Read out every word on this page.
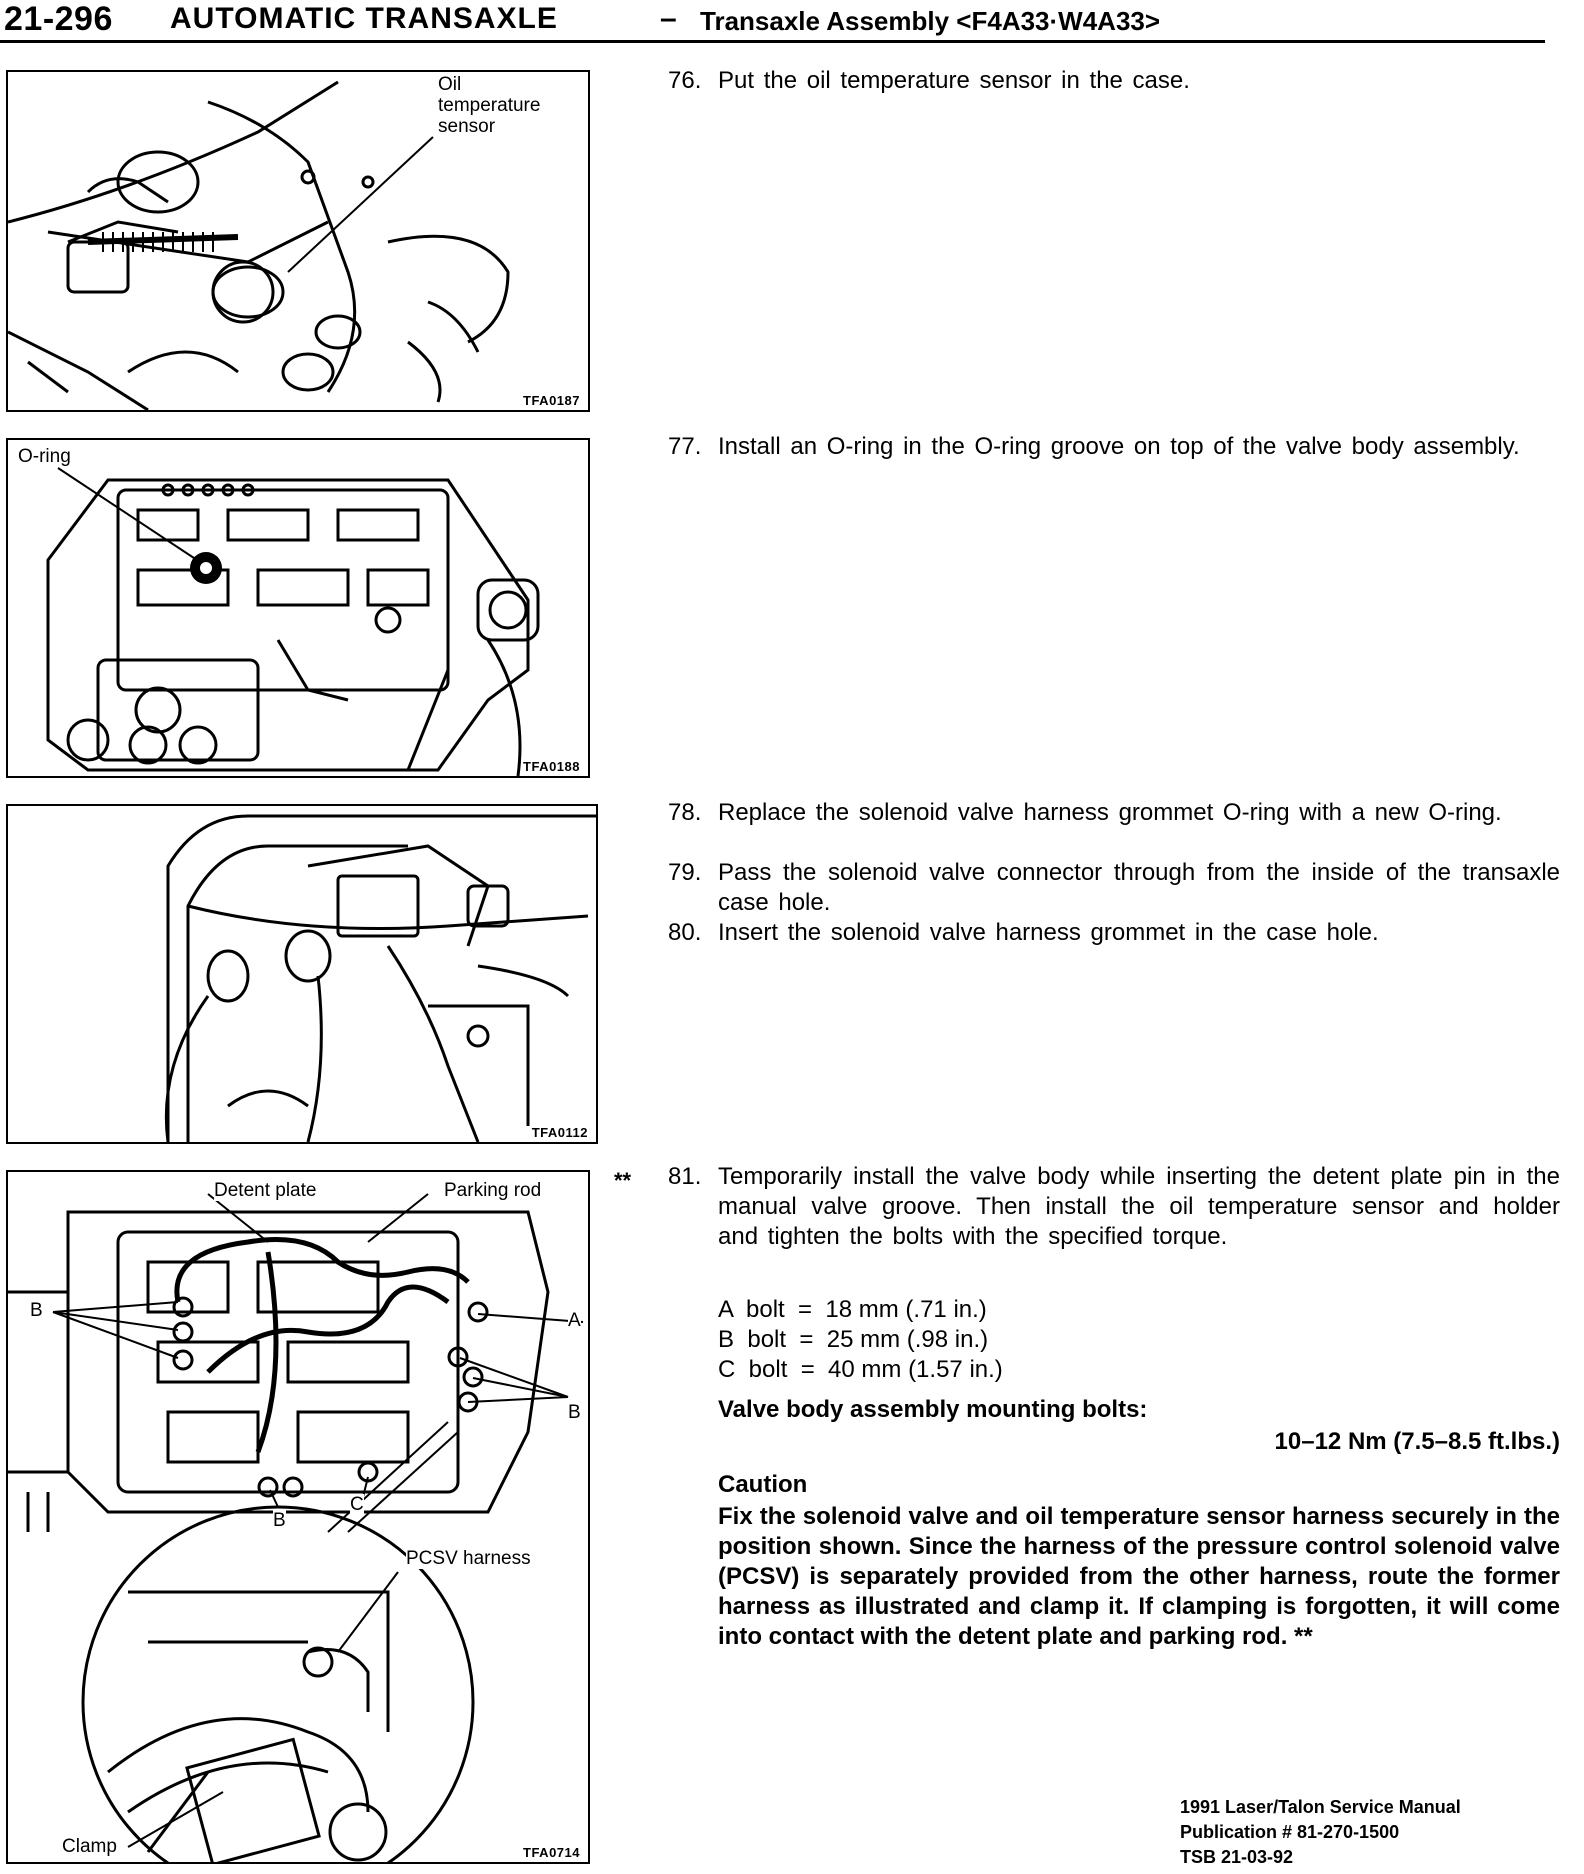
21-296 AUTOMATIC TRANSAXLE	– Transaxle Assembly <F4A33·W4A33>
Oil
temperature
sensor
TFA0187
O-ring
TFA0188
TFA0112
Detent plate	Parking rod
B	A
B
B
C
PCSV harness
Clamp	TFA0714
76. Put the oil temperature sensor in the case.
77. Install an O-ring in the O-ring groove on top of the valve body assembly.
78. Replace the solenoid valve harness grommet O-ring with a new O-ring.
79. Pass the solenoid valve connector through from the inside of the transaxle case hole.
80. Insert the solenoid valve harness grommet in the case hole.
** 81. Temporarily install the valve body while inserting the detent plate pin in the manual valve groove. Then install the oil temperature sensor and holder and tighten the bolts with the specified torque.
A  bolt  =  18 mm (.71 in.)
B  bolt  =  25 mm (.98 in.)
C  bolt  =  40 mm (1.57 in.)
Valve body assembly mounting bolts:
10–12 Nm (7.5–8.5 ft.lbs.)
Caution
Fix the solenoid valve and oil temperature sensor harness securely in the position shown. Since the harness of the pressure control solenoid valve (PCSV) is separately provided from the other harness, route the former harness as illustrated and clamp it. If clamping is forgotten, it will come into contact with the detent plate and parking rod. **
1991 Laser/Talon Service Manual
Publication # 81-270-1500
TSB 21-03-92
